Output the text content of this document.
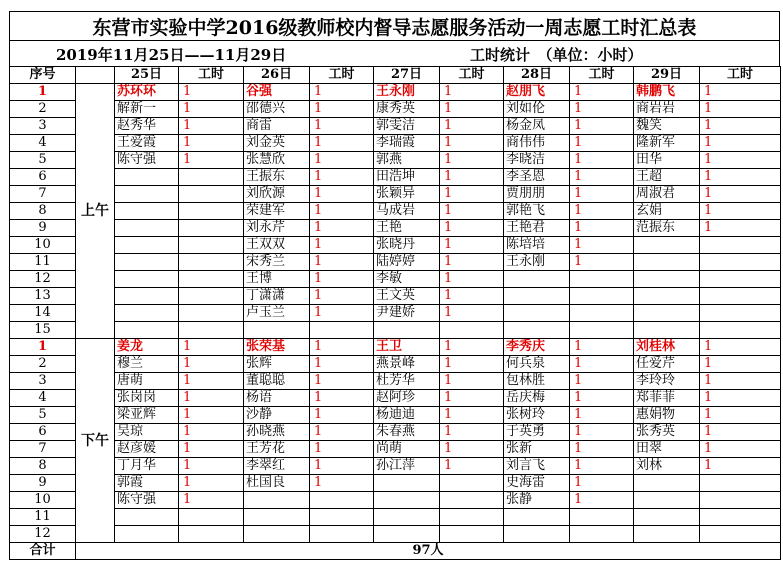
东营市实验中学2016级教师校内督导志愿服务活动一周志愿工时汇总表
2019年11月25日——11月29日	工时统计　（单位：小时）
序号		25日	工时	26日	工时	27日	工时	28日	工时	29日	工时
1	上午	苏环环	1	谷强	1	王永刚	1	赵朋飞	1	韩鹏飞	1
2		解新一	1	邵德兴	1	康秀英	1	刘如伦	1	商岩岩	1
3		赵秀华	1	商雷	1	郭雯洁	1	杨金凤	1	魏笑	1
4		王爱霞	1	刘金英	1	李瑞霞	1	商伟伟	1	隆新军	1
5		陈守强	1	张慧欣	1	郭燕	1	李晓洁	1	田华	1
6				王振东	1	田浩坤	1	李圣恩	1	王超	1
7				刘欣源	1	张颖异	1	贾朋朋	1	周淑君	1
8				荣建军	1	马成岩	1	郭艳飞	1	玄娟	1
9				刘永芹	1	王艳	1	王艳君	1	范振东	1
10				王双双	1	张晓丹	1	陈培培	1		
11				宋秀兰	1	陆婷婷	1	王永刚	1		
12				王博	1	李敏	1				
13				丁潇潇	1	王文英	1				
14				卢玉兰	1	尹建娇	1				
15											
1	下午	姜龙	1	张荣基	1	王卫	1	李秀庆	1	刘桂林	1
2		穆兰	1	张辉	1	燕景峰	1	何兵泉	1	任爱芹	1
3		唐萌	1	董聪聪	1	杜芳华	1	包林胜	1	李玲玲	1
4		张岗岗	1	杨语	1	赵阿珍	1	岳庆梅	1	郑菲菲	1
5		梁亚辉	1	沙静	1	杨迪迪	1	张树玲	1	惠娟物	1
6		吴琼	1	孙晓燕	1	朱春燕	1	于英勇	1	张秀英	1
7		赵彦媛	1	王芳花	1	尚萌	1	张新	1	田翠	1
8		丁月华	1	李翠红	1	孙江萍	1	刘言飞	1	刘林	1
9		郭霞	1	杜国良	1			史海雷	1		
10		陈守强	1					张静	1		
11											
12											
合计	97人										
